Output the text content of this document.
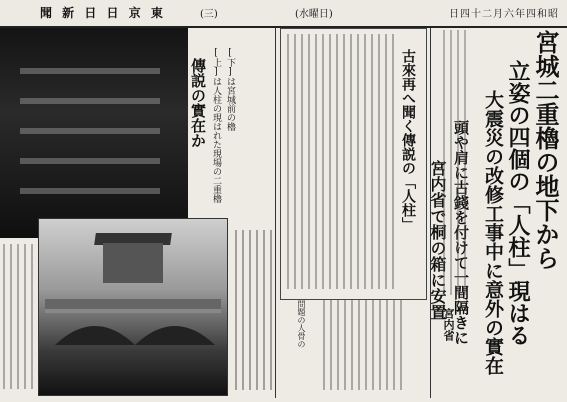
聞 新 日 日 京 東	(三)	(水曜日)	日四十二月六年四和昭
傳説の實在か [上]は人柱の現はれた現場の二重櫓 [下]は宮城前の櫓	古來再へ聞く傳説の「人柱」	宮城二重櫓の地下から
立姿の四個の「人柱」現はる
大震災の改修工事中に意外の實在
頭や肩に古錢を付けて一間隔きに
宮内省で桐の箱に安置
宮内省
問題の人骨の
